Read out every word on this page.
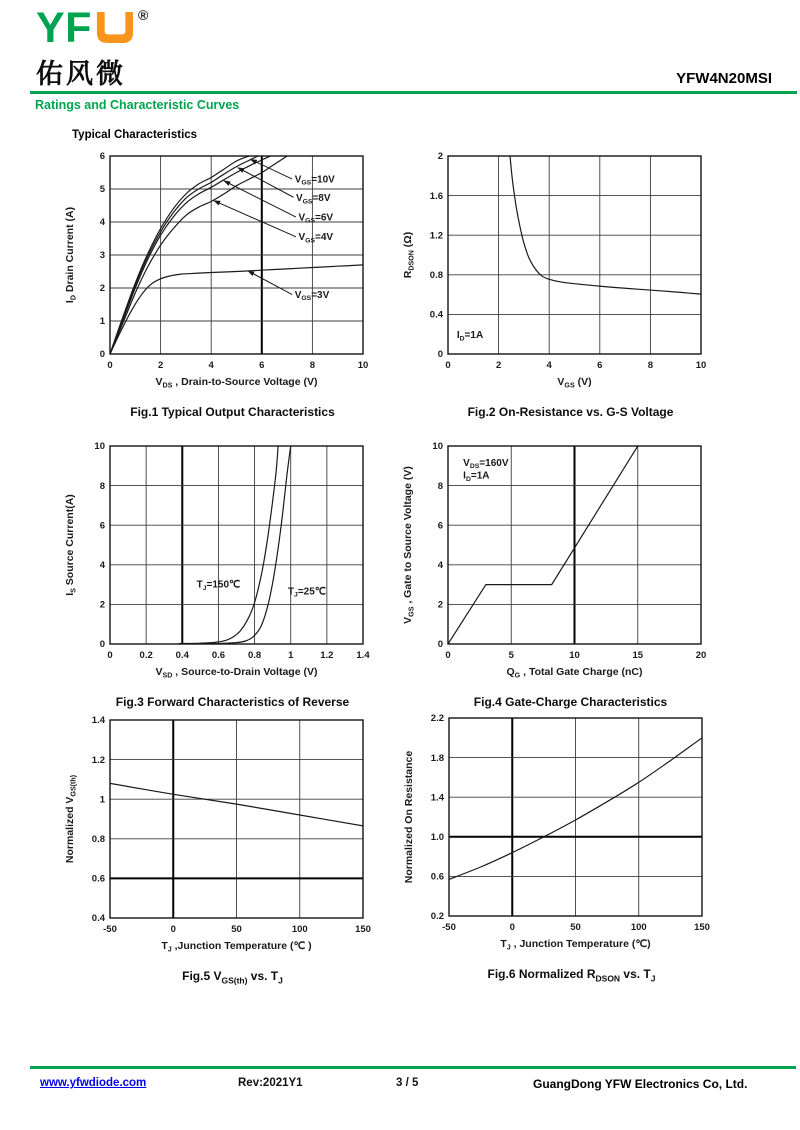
YF	®
佑风微	YFW4N20MSI
Ratings and Characteristic Curves
Typical Characteristics
0	2	4	6	8	10
0
1
2
3
4
5
6
$V_{DS}$ , Drain-to-Source Voltage (V)
$I_D$ Drain Current (A)
$V_{GS}=10V$
$V_{GS}=8V$
$V_{GS}=6V$
$V_{GS}=4V$
$V_{GS}=3V$
Fig.1 Typical Output Characteristics
0	2	4	6	8	10
0
0.4
0.8
1.2
1.6
2
$V_{GS}$ (V)
$R_{DSON}$ (Ω)
$I_D=1A$
Fig.2 On-Resistance vs. G-S Voltage
0	0.2 0.4 0.6 0.8	1	1.2 1.4
0
2
4
6
8
10
$V_{SD}$ , Source-to-Drain Voltage (V)
$I_S$ Source Current(A)	$T_J=150℃$
$T_J=25℃$
Fig.3 Forward Characteristics of Reverse
0	5	10	15	20
0
2
4
6
8
10
$Q_G$ , Total Gate Charge (nC)
$V_{GS}$ , Gate to Source Voltage (V)
$V_{DS}=160V$
$I_D=1A$
Fig.4 Gate-Charge Characteristics
-50	0	50	100	150
0.4
0.6
0.8
1
1.2
1.4
$T_J$ ,Junction Temperature (℃ )
Normalized $V_{GS(th)}$
Fig.5 $V_{GS(th)}$ vs. $T_J$
-50	0	50	100	150
0.2
0.6
1.0
1.4
1.8
2.2
$T_J$ , Junction Temperature (℃)
Normalized On Resistance
Fig.6 Normalized $R_{DSON}$ vs. $T_J$
www.yfwdiode.com	Rev:2021Y1	3 / 5	GuangDong YFW Electronics Co, Ltd.
